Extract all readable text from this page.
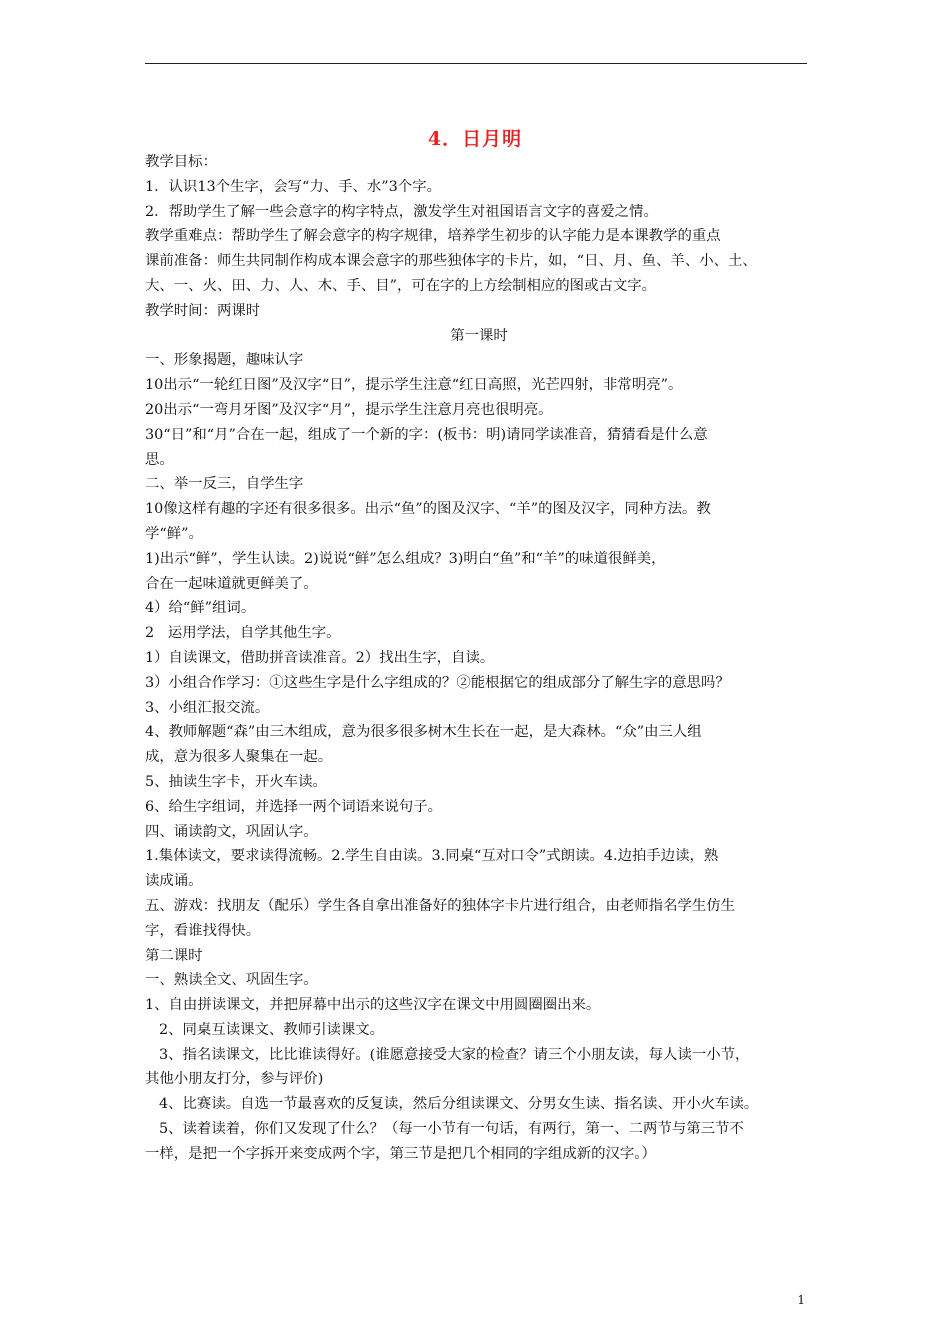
4．日月明

教学目标：

1．认识13个生字，会写“力、手、水”3个字。

2．帮助学生了解一些会意字的构字特点，激发学生对祖国语言文字的喜爱之情。

教学重难点：帮助学生了解会意字的构字规律，培养学生初步的认字能力是本课教学的重点

课前准备：师生共同制作构成本课会意字的那些独体字的卡片，如，“日、月、鱼、羊、小、土、

大、一、火、田、力、人、木、手、目”，可在字的上方绘制相应的图或古文字。

教学时间：两课时

第一课时

一、形象揭题，趣味认字

10出示“一轮红日图”及汉字“日”，提示学生注意“红日高照，光芒四射，非常明亮”。

20出示“一弯月牙图”及汉字“月”，提示学生注意月亮也很明亮。

30“日”和“月”合在一起，组成了一个新的字：(板书：明)请同学读准音，猜猜看是什么意

思。

二、举一反三，自学生字

10像这样有趣的字还有很多很多。出示“鱼”的图及汉字、“羊”的图及汉字，同种方法。教

学“鲜”。

1)出示“鲜”，学生认读。2)说说“鲜”怎么组成？3)明白“鱼”和“羊”的味道很鲜美，

合在一起味道就更鲜美了。

4）给“鲜”组词。

2   运用学法，自学其他生字。

1）自读课文，借助拼音读准音。2）找出生字，自读。

3）小组合作学习：①这些生字是什么字组成的？②能根据它的组成部分了解生字的意思吗？

3、小组汇报交流。

4、教师解题“森”由三木组成，意为很多很多树木生长在一起，是大森林。“众”由三人组

成，意为很多人聚集在一起。

5、抽读生字卡，开火车读。

6、给生字组词，并选择一两个词语来说句子。

四、诵读韵文，巩固认字。

1.集体读文，要求读得流畅。2.学生自由读。3.同桌“互对口令”式朗读。4.边拍手边读，熟

读成诵。

五、游戏：找朋友（配乐）学生各自拿出准备好的独体字卡片进行组合，由老师指名学生仿生

字，看谁找得快。

第二课时

一、熟读全文、巩固生字。

1、自由拼读课文，并把屏幕中出示的这些汉字在课文中用圆圈圈出来。

2、同桌互读课文、教师引读课文。

3、指名读课文，比比谁读得好。(谁愿意接受大家的检查？请三个小朋友读，每人读一小节，

其他小朋友打分，参与评价)

4、比赛读。自选一节最喜欢的反复读，然后分组读课文、分男女生读、指名读、开小火车读。

5、读着读着，你们又发现了什么？（每一小节有一句话，有两行，第一、二两节与第三节不

一样，是把一个字拆开来变成两个字，第三节是把几个相同的字组成新的汉字。）

1
